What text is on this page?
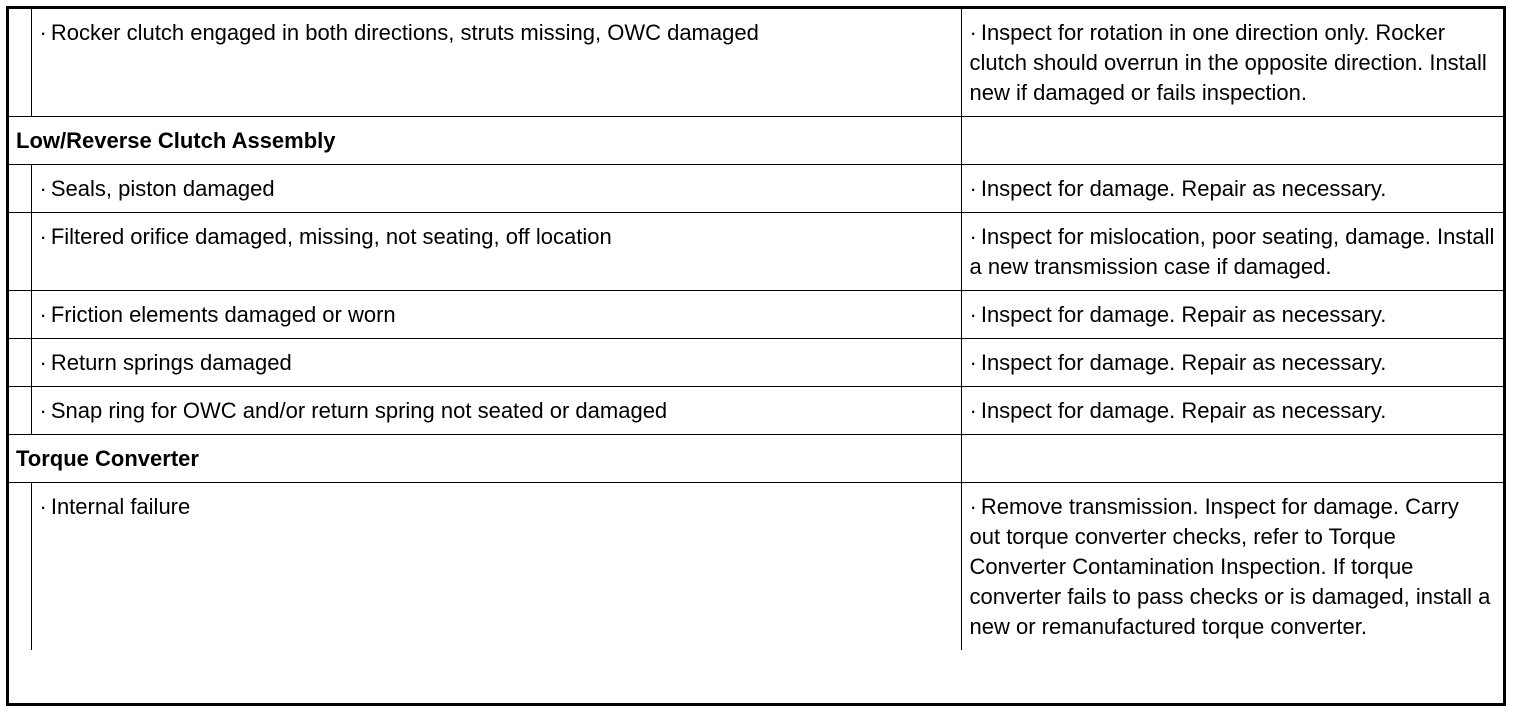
	· Rocker clutch engaged in both directions, struts missing, OWC damaged	· Inspect for rotation in one direction only. Rocker clutch should overrun in the opposite direction. Install new if damaged or fails inspection.
Low/Reverse Clutch Assembly		
	· Seals, piston damaged	· Inspect for damage. Repair as necessary.
	· Filtered orifice damaged, missing, not seating, off location	· Inspect for mislocation, poor seating, damage. Install a new transmission case if damaged.
	· Friction elements damaged or worn	· Inspect for damage. Repair as necessary.
	· Return springs damaged	· Inspect for damage. Repair as necessary.
	· Snap ring for OWC and/or return spring not seated or damaged	· Inspect for damage. Repair as necessary.
Torque Converter		
	· Internal failure	· Remove transmission. Inspect for damage. Carry out torque converter checks, refer to Torque Converter Contamination Inspection. If torque converter fails to pass checks or is damaged, install a new or remanufactured torque converter.
